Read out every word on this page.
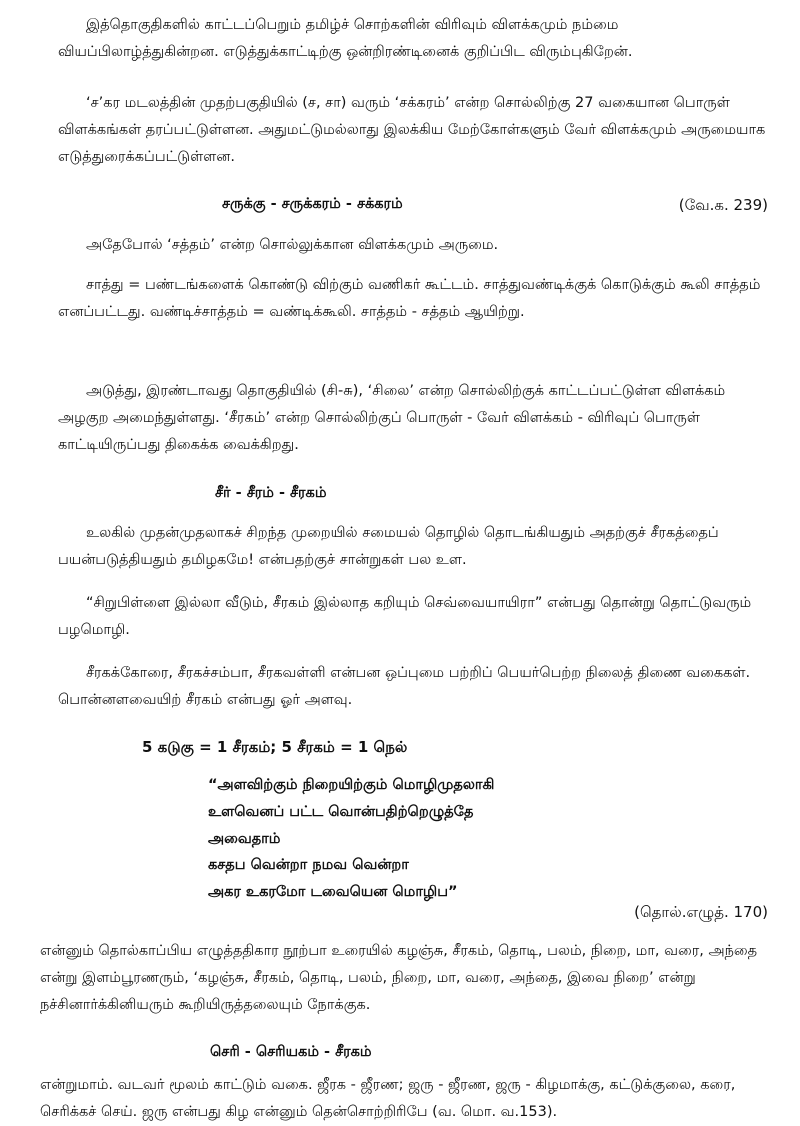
இத்தொகுதிகளில் காட்டப்பெறும் தமிழ்ச் சொற்களின் விரிவும் விளக்கமும் நம்மை வியப்பிலாழ்த்துகின்றன. எடுத்துக்காட்டிற்கு ஒன்றிரண்டினைக் குறிப்பிட விரும்புகிறேன்.

‘ச’கர மடலத்தின் முதற்பகுதியில் (ச, சா) வரும் ‘சக்கரம்’ என்ற சொல்லிற்கு 27 வகையான பொருள் விளக்கங்கள் தரப்பட்டுள்ளன. அதுமட்டுமல்லாது இலக்கிய மேற்கோள்களும் வேர் விளக்கமும் அருமையாக எடுத்துரைக்கப்பட்டுள்ளன.

சருக்கு - சருக்கரம் - சக்கரம்	(வே.க. 239)

அதேபோல் ‘சத்தம்’ என்ற சொல்லுக்கான விளக்கமும் அருமை.

சாத்து = பண்டங்களைக் கொண்டு விற்கும் வணிகர் கூட்டம். சாத்துவண்டிக்குக் கொடுக்கும் கூலி சாத்தம் எனப்பட்டது. வண்டிச்சாத்தம் = வண்டிக்கூலி. சாத்தம் - சத்தம் ஆயிற்று.

அடுத்து, இரண்டாவது தொகுதியில் (சி-சு), ‘சிலை’ என்ற சொல்லிற்குக் காட்டப்பட்டுள்ள விளக்கம் அழகுற அமைந்துள்ளது. ‘சீரகம்’ என்ற சொல்லிற்குப் பொருள் - வேர் விளக்கம் - விரிவுப் பொருள் காட்டியிருப்பது திகைக்க வைக்கிறது.

சீர் - சீரம் - சீரகம்

உலகில் முதன்முதலாகச் சிறந்த முறையில் சமையல் தொழில் தொடங்கியதும் அதற்குச் சீரகத்தைப் பயன்படுத்தியதும் தமிழகமே! என்பதற்குச் சான்றுகள் பல உள.

“சிறுபிள்ளை இல்லா வீடும், சீரகம் இல்லாத கறியும் செவ்வையாயிரா” என்பது தொன்று தொட்டுவரும் பழமொழி.

சீரகக்கோரை, சீரகச்சம்பா, சீரகவள்ளி என்பன ஒப்புமை பற்றிப் பெயர்பெற்ற நிலைத் திணை வகைகள். பொன்னளவையிற் சீரகம் என்பது ஓர் அளவு.

5 கடுகு = 1 சீரகம்; 5 சீரகம் = 1 நெல்

“அளவிற்கும் நிறையிற்கும் மொழிமுதலாகி
உளவெனப் பட்ட வொன்பதிற்றெழுத்தே
அவைதாம்
கசதப வென்றா நமவ வென்றா
அகர உகரமோ டவையென மொழிப”

(தொல்.எழுத். 170)

என்னும் தொல்காப்பிய எழுத்ததிகார நூற்பா உரையில் கழஞ்சு, சீரகம், தொடி, பலம், நிறை, மா, வரை, அந்தை என்று இளம்பூரணரும், ‘கழஞ்சு, சீரகம், தொடி, பலம், நிறை, மா, வரை, அந்தை, இவை நிறை’ என்று நச்சினார்க்கினியரும் கூறியிருத்தலையும் நோக்குக.

செரி - செரியகம் - சீரகம்

என்றுமாம். வடவர் மூலம் காட்டும் வகை. ஜீரக - ஜீரண; ஜரு - ஜீரண, ஜரு - கிழமாக்கு, கட்டுக்குலை, கரை, செரிக்கச் செய். ஜரு என்பது கிழ என்னும் தென்சொற்றிரிபே (வ. மொ. வ.153).
